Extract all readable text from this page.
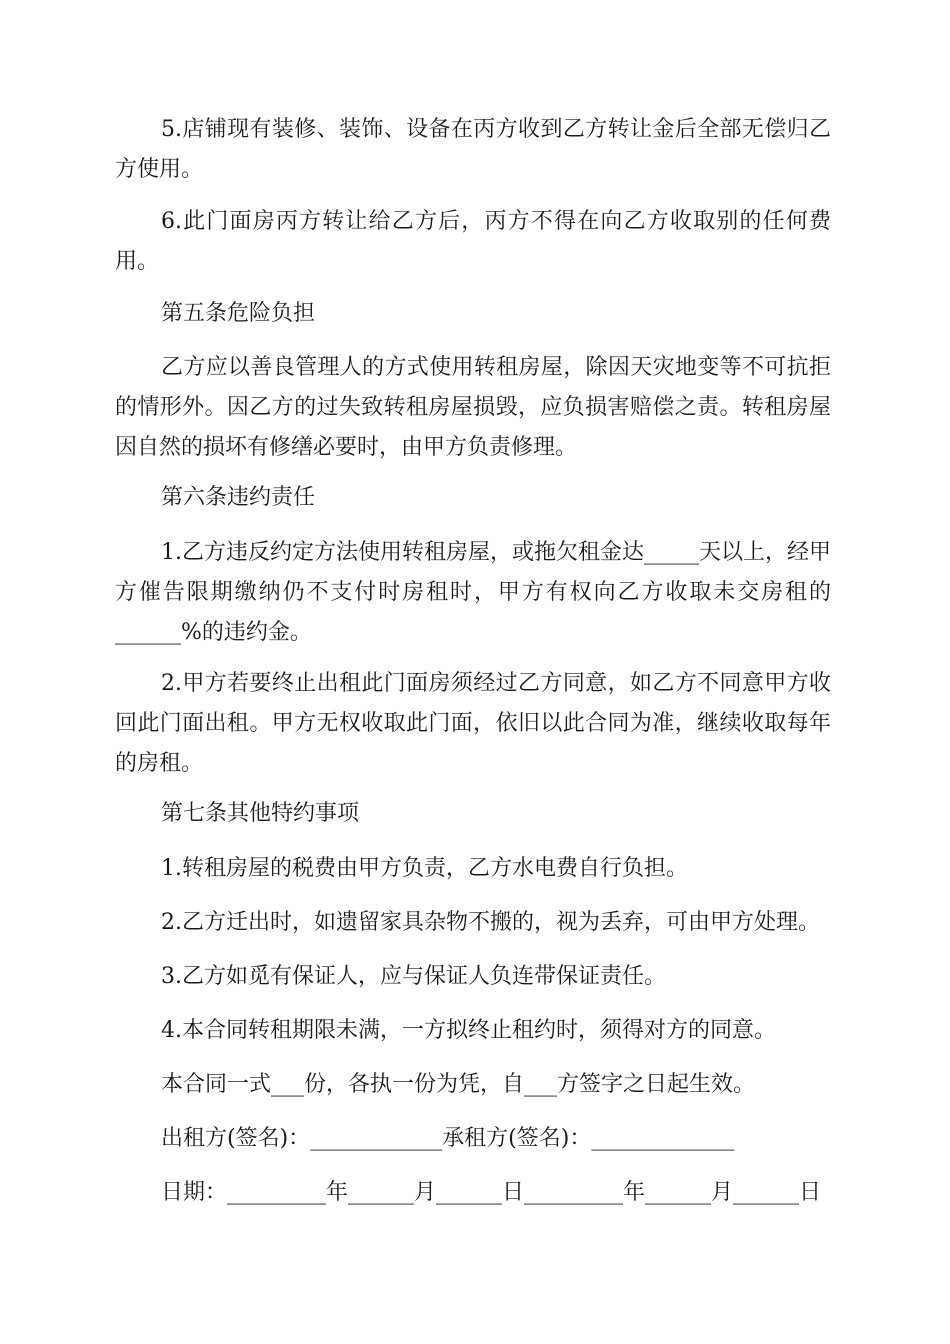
5.店铺现有装修、装饰、设备在丙方收到乙方转让金后全部无偿归乙方使用。

6.此门面房丙方转让给乙方后，丙方不得在向乙方收取别的任何费用。

第五条危险负担

乙方应以善良管理人的方式使用转租房屋，除因天灾地变等不可抗拒的情形外。因乙方的过失致转租房屋损毁，应负损害赔偿之责。转租房屋因自然的损坏有修缮必要时，由甲方负责修理。

第六条违约责任

1.乙方违反约定方法使用转租房屋，或拖欠租金达_____天以上，经甲方催告限期缴纳仍不支付时房租时，甲方有权向乙方收取未交房租的______%的违约金。

2.甲方若要终止出租此门面房须经过乙方同意，如乙方不同意甲方收回此门面出租。甲方无权收取此门面，依旧以此合同为准，继续收取每年的房租。

第七条其他特约事项

1.转租房屋的税费由甲方负责，乙方水电费自行负担。

2.乙方迁出时，如遗留家具杂物不搬的，视为丢弃，可由甲方处理。

3.乙方如觅有保证人，应与保证人负连带保证责任。

4.本合同转租期限未满，一方拟终止租约时，须得对方的同意。

本合同一式___份，各执一份为凭，自___方签字之日起生效。

出租方(签名)：____________承租方(签名)：_____________

日期：_________年______月______日_________年______月______日
